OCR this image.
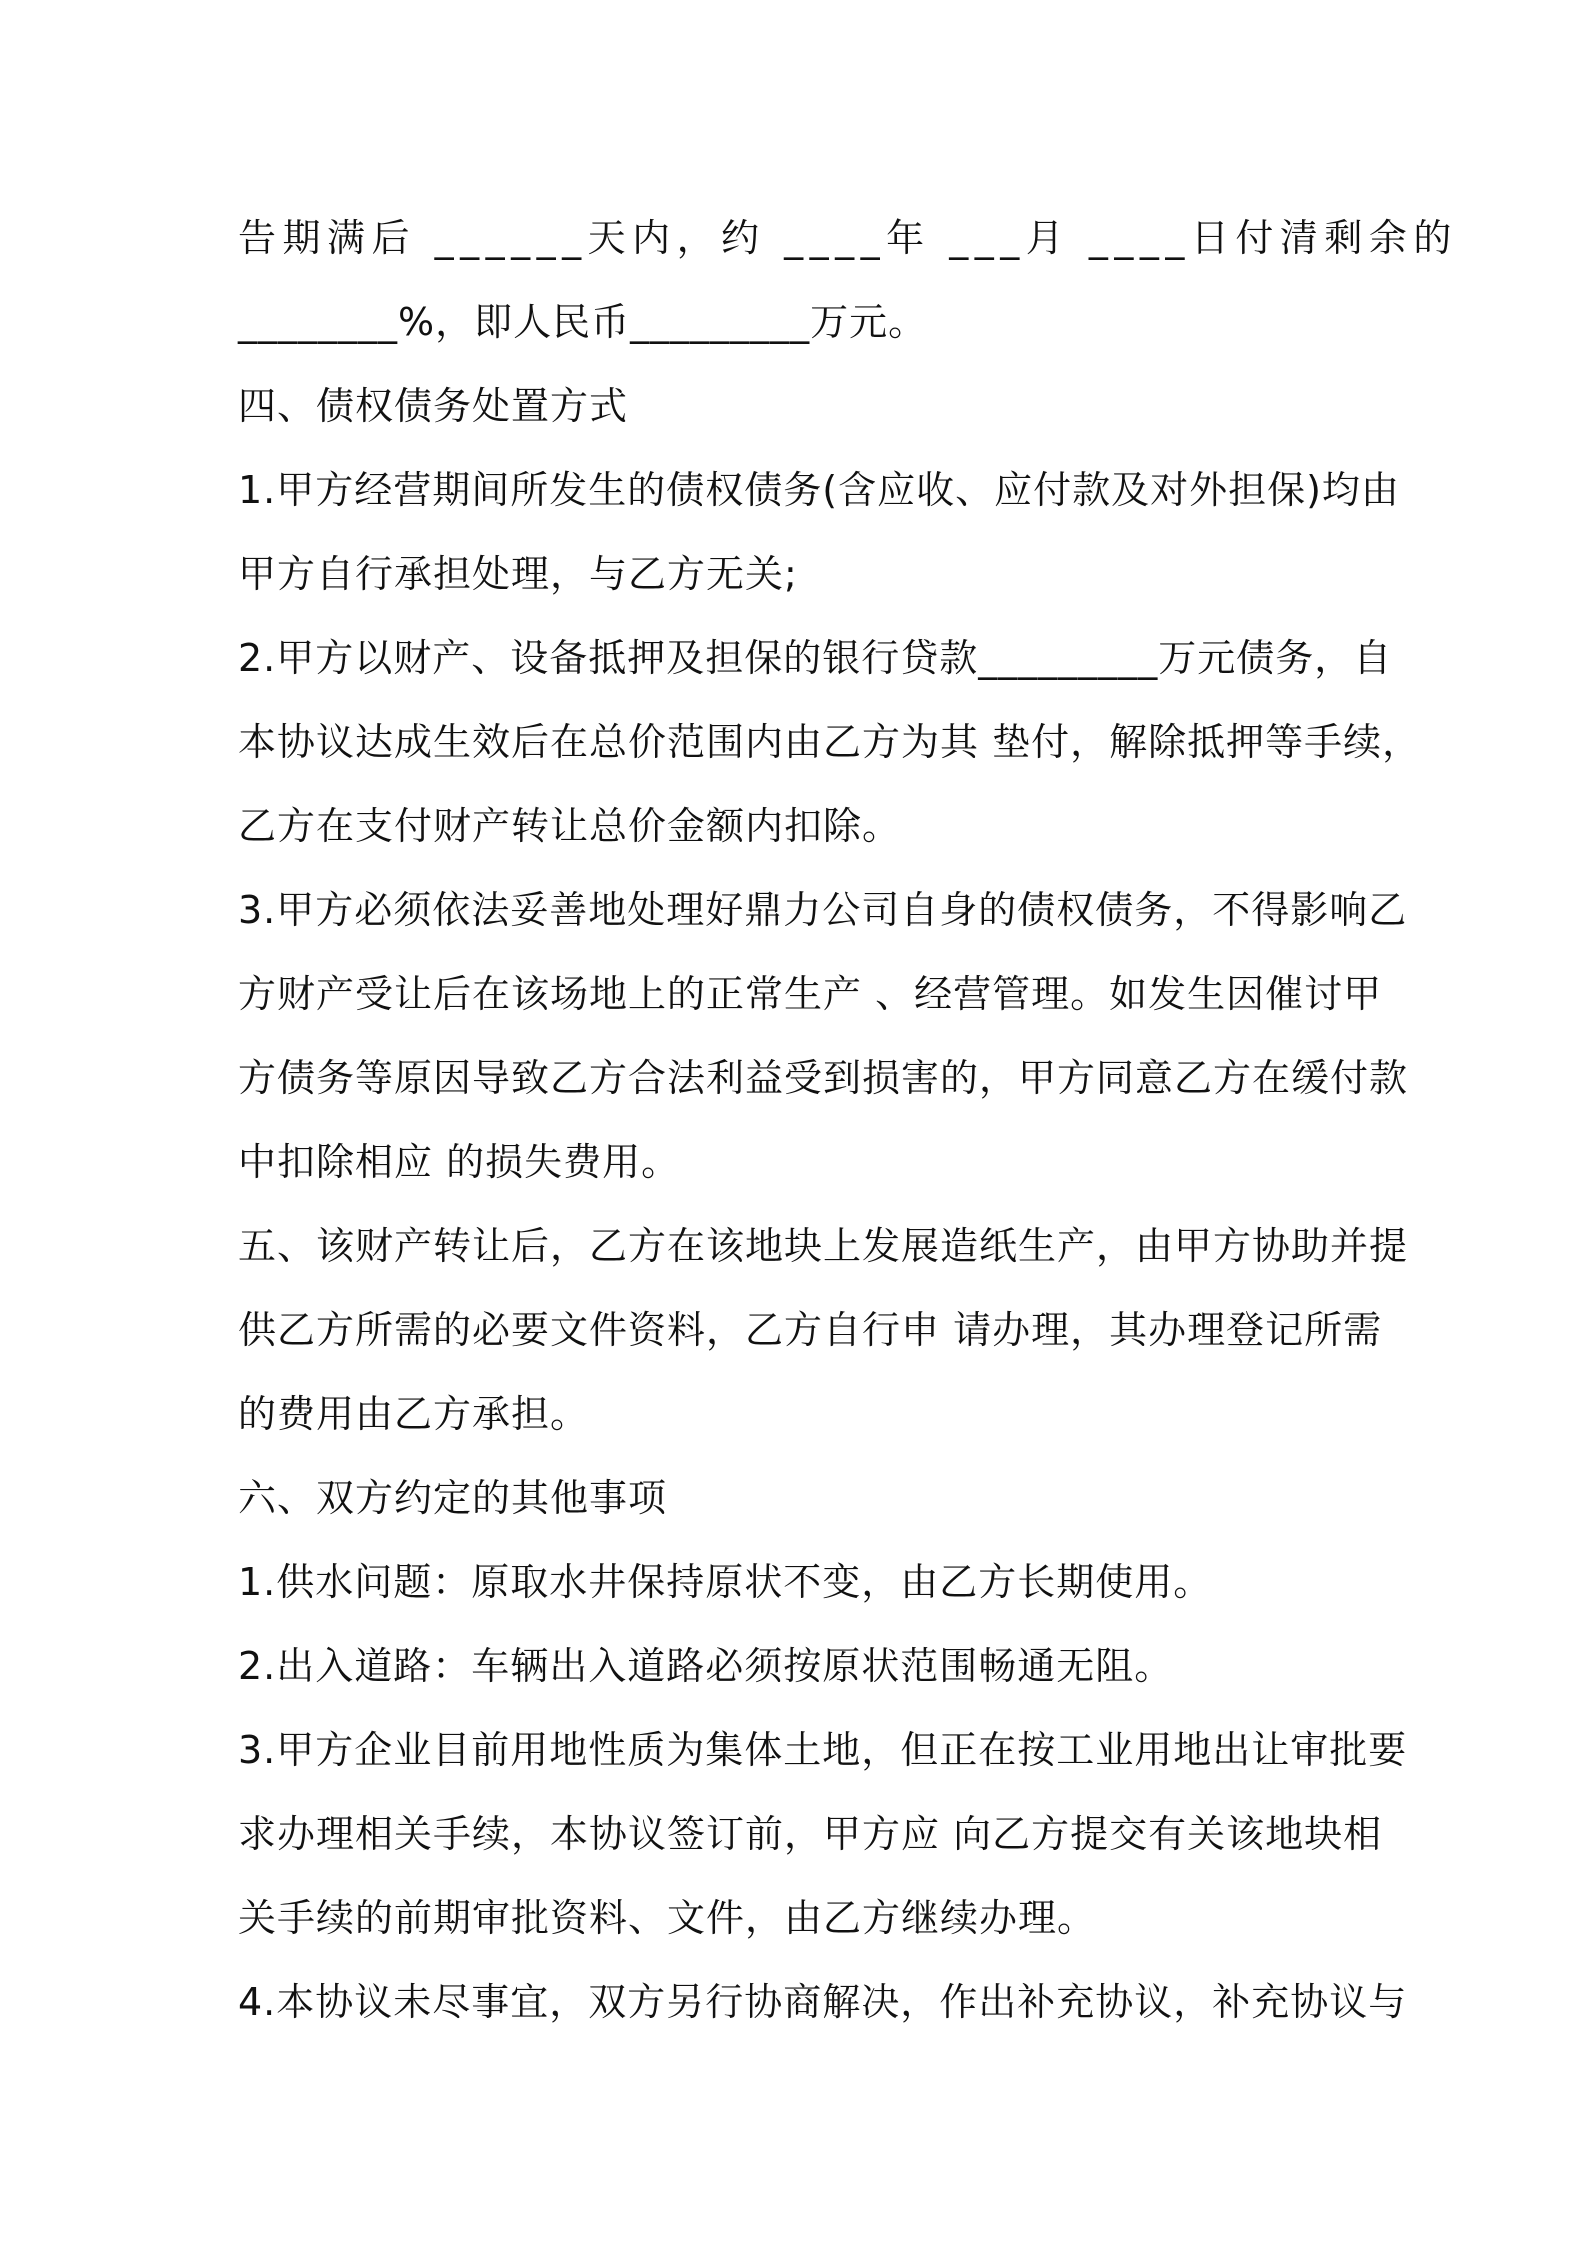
告期满后 ______天内，约 ____年 ___月 ____日付清剩余的
________%，即人民币_________万元。
四、债权债务处置方式
1.甲方经营期间所发生的债权债务(含应收、应付款及对外担保)均由
甲方自行承担处理，与乙方无关;
2.甲方以财产、设备抵押及担保的银行贷款_________万元债务，自
本协议达成生效后在总价范围内由乙方为其 垫付，解除抵押等手续，
乙方在支付财产转让总价金额内扣除。
3.甲方必须依法妥善地处理好鼎力公司自身的债权债务，不得影响乙
方财产受让后在该场地上的正常生产 、经营管理。如发生因催讨甲
方债务等原因导致乙方合法利益受到损害的，甲方同意乙方在缓付款
中扣除相应 的损失费用。
五、该财产转让后，乙方在该地块上发展造纸生产，由甲方协助并提
供乙方所需的必要文件资料，乙方自行申 请办理，其办理登记所需
的费用由乙方承担。
六、双方约定的其他事项
1.供水问题：原取水井保持原状不变，由乙方长期使用。
2.出入道路：车辆出入道路必须按原状范围畅通无阻。
3.甲方企业目前用地性质为集体土地，但正在按工业用地出让审批要
求办理相关手续，本协议签订前，甲方应 向乙方提交有关该地块相
关手续的前期审批资料、文件，由乙方继续办理。
4.本协议未尽事宜，双方另行协商解决，作出补充协议，补充协议与
